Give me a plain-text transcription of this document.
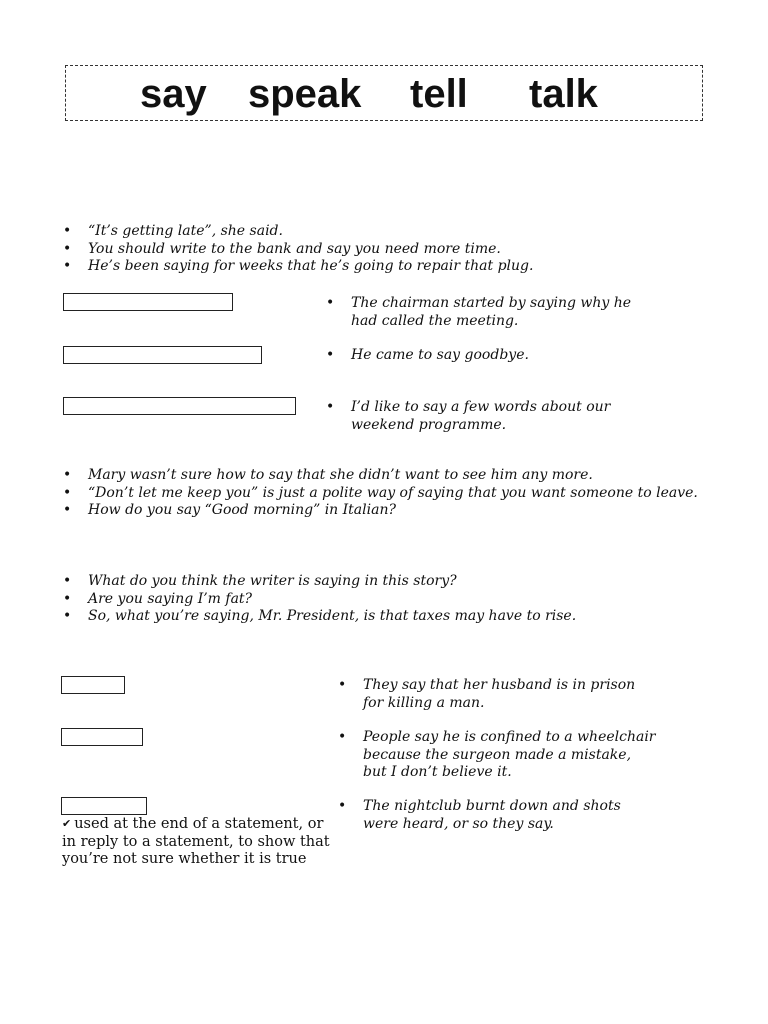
say speak tell talk
• “It’s getting late”, she said.
• You should write to the bank and say you need more time.
• He’s been saying for weeks that he’s going to repair that plug.
• The chairman started by saying why he had called the meeting.
• He came to say goodbye.
• I’d like to say a few words about our weekend programme.
• Mary wasn’t sure how to say that she didn’t want to see him any more.
• “Don’t let me keep you” is just a polite way of saying that you want someone to leave.
• How do you say “Good morning” in Italian?
• What do you think the writer is saying in this story?
• Are you saying I’m fat?
• So, what you’re saying, Mr. President, is that taxes may have to rise.
• They say that her husband is in prison for killing a man.
• People say he is confined to a wheelchair because the surgeon made a mistake, but I don’t believe it.
• The nightclub burnt down and shots were heard, or so they say.
✔ used at the end of a statement, or in reply to a statement, to show that you’re not sure whether it is true
